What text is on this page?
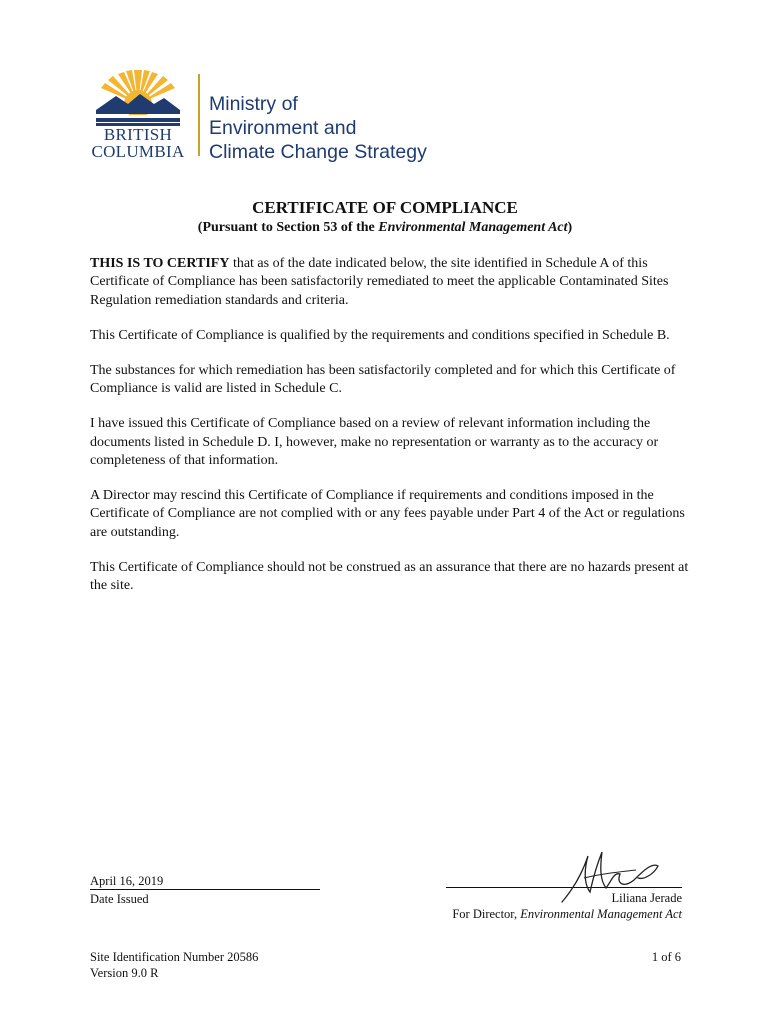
BRITISH
COLUMBIA
Ministry of
Environment and
Climate Change Strategy
CERTIFICATE OF COMPLIANCE
(Pursuant to Section 53 of the Environmental Management Act)

THIS IS TO CERTIFY that as of the date indicated below, the site identified in Schedule A of this Certificate of Compliance has been satisfactorily remediated to meet the applicable Contaminated Sites Regulation remediation standards and criteria.

This Certificate of Compliance is qualified by the requirements and conditions specified in Schedule B.

The substances for which remediation has been satisfactorily completed and for which this Certificate of Compliance is valid are listed in Schedule C.

I have issued this Certificate of Compliance based on a review of relevant information including the documents listed in Schedule D. I, however, make no representation or warranty as to the accuracy or completeness of that information.

A Director may rescind this Certificate of Compliance if requirements and conditions imposed in the Certificate of Compliance are not complied with or any fees payable under Part 4 of the Act or regulations are outstanding.

This Certificate of Compliance should not be construed as an assurance that there are no hazards present at the site.

April 16, 2019
Date Issued	Liliana Jerade
For Director, Environmental Management Act
Site Identification Number 20586
Version 9.0 R
1 of 6
